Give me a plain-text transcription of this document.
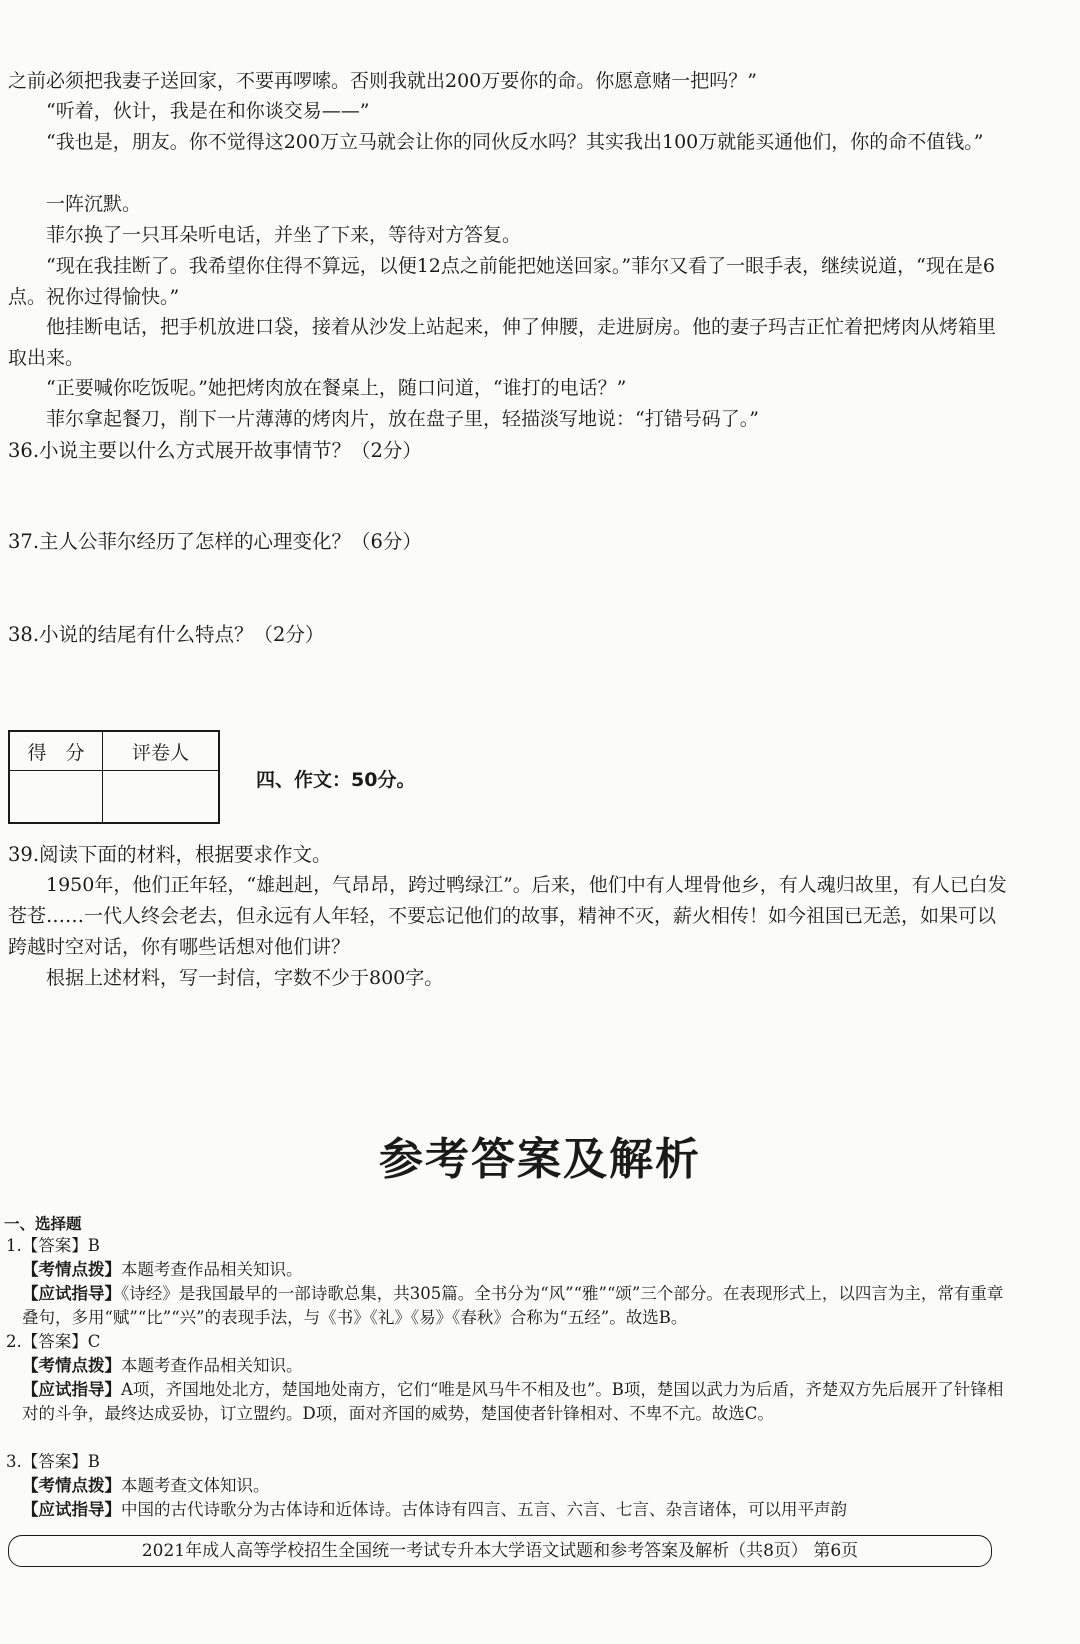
之前必须把我妻子送回家，不要再啰嗦。否则我就出200万要你的命。你愿意赌一把吗？”

“听着，伙计，我是在和你谈交易——”

“我也是，朋友。你不觉得这200万立马就会让你的同伙反水吗？其实我出100万就能买通他们，你的命不值钱。”

一阵沉默。

菲尔换了一只耳朵听电话，并坐了下来，等待对方答复。

“现在我挂断了。我希望你住得不算远，以便12点之前能把她送回家。”菲尔又看了一眼手表，继续说道，“现在是6点。祝你过得愉快。”

他挂断电话，把手机放进口袋，接着从沙发上站起来，伸了伸腰，走进厨房。他的妻子玛吉正忙着把烤肉从烤箱里取出来。

“正要喊你吃饭呢。”她把烤肉放在餐桌上，随口问道，“谁打的电话？”

菲尔拿起餐刀，削下一片薄薄的烤肉片，放在盘子里，轻描淡写地说：“打错号码了。”

36.小说主要以什么方式展开故事情节？（2分）

37.主人公菲尔经历了怎样的心理变化？（6分）

38.小说的结尾有什么特点？（2分）

得　分	评卷人

四、作文：50分。

39.阅读下面的材料，根据要求作文。

1950年，他们正年轻，“雄赳赳，气昂昂，跨过鸭绿江”。后来，他们中有人埋骨他乡，有人魂归故里，有人已白发苍苍……一代人终会老去，但永远有人年轻，不要忘记他们的故事，精神不灭，薪火相传！如今祖国已无恙，如果可以跨越时空对话，你有哪些话想对他们讲？

根据上述材料，写一封信，字数不少于800字。

参考答案及解析

一、选择题

1.【答案】B

【考情点拨】本题考查作品相关知识。

【应试指导】《诗经》是我国最早的一部诗歌总集，共305篇。全书分为“风”“雅”“颂”三个部分。在表现形式上，以四言为主，常有重章叠句，多用“赋”“比”“兴”的表现手法，与《书》《礼》《易》《春秋》合称为“五经”。故选B。

2.【答案】C

【考情点拨】本题考查作品相关知识。

【应试指导】A项，齐国地处北方，楚国地处南方，它们“唯是风马牛不相及也”。B项，楚国以武力为后盾，齐楚双方先后展开了针锋相对的斗争，最终达成妥协，订立盟约。D项，面对齐国的威势，楚国使者针锋相对、不卑不亢。故选C。

3.【答案】B

【考情点拨】本题考查文体知识。

【应试指导】中国的古代诗歌分为古体诗和近体诗。古体诗有四言、五言、六言、七言、杂言诸体，可以用平声韵

2021年成人高等学校招生全国统一考试专升本大学语文试题和参考答案及解析（共8页） 第6页
